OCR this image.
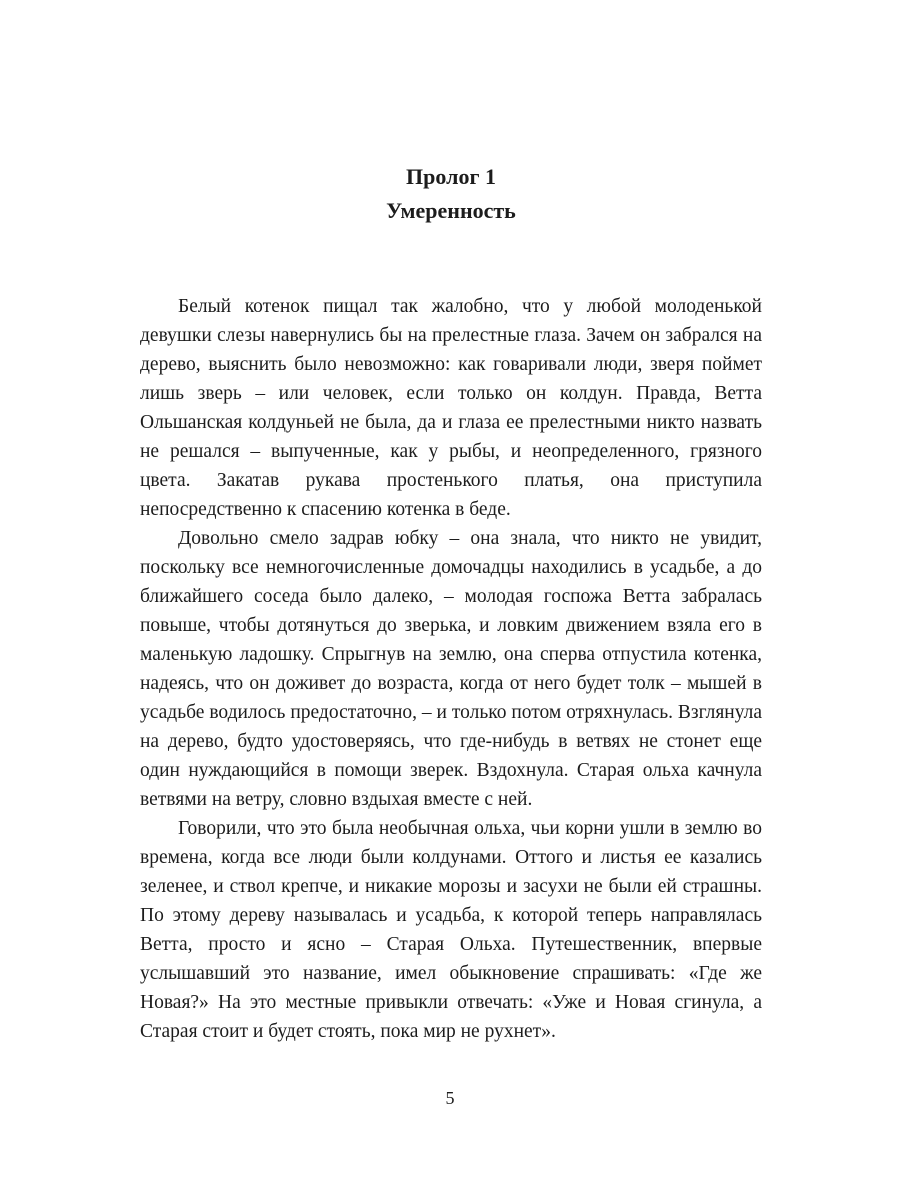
Пролог 1
Умеренность

Белый котенок пищал так жалобно, что у любой молоденькой девушки слезы навернулись бы на прелестные глаза. Зачем он забрался на дерево, выяснить было невозможно: как говаривали люди, зверя поймет лишь зверь – или человек, если только он колдун. Правда, Ветта Ольшанская колдуньей не была, да и глаза ее прелестными никто назвать не решался – выпученные, как у рыбы, и неопределенного, грязного цвета. Закатав рукава простенького платья, она приступила непосредственно к спасению котенка в беде.

Довольно смело задрав юбку – она знала, что никто не увидит, поскольку все немногочисленные домочадцы находились в усадьбе, а до ближайшего соседа было далеко, – молодая госпожа Ветта забралась повыше, чтобы дотянуться до зверька, и ловким движением взяла его в маленькую ладошку. Спрыгнув на землю, она сперва отпустила котенка, надеясь, что он доживет до возраста, когда от него будет толк – мышей в усадьбе водилось предостаточно, – и только потом отряхнулась. Взглянула на дерево, будто удостоверяясь, что где-нибудь в ветвях не стонет еще один нуждающийся в помощи зверек. Вздохнула. Старая ольха качнула ветвями на ветру, словно вздыхая вместе с ней.

Говорили, что это была необычная ольха, чьи корни ушли в землю во времена, когда все люди были колдунами. Оттого и листья ее казались зеленее, и ствол крепче, и никакие морозы и засухи не были ей страшны. По этому дереву называлась и усадьба, к которой теперь направлялась Ветта, просто и ясно – Старая Ольха. Путешественник, впервые услышавший это название, имел обыкновение спрашивать: «Где же Новая?» На это местные привыкли отвечать: «Уже и Новая сгинула, а Старая стоит и будет стоять, пока мир не рухнет».

5
